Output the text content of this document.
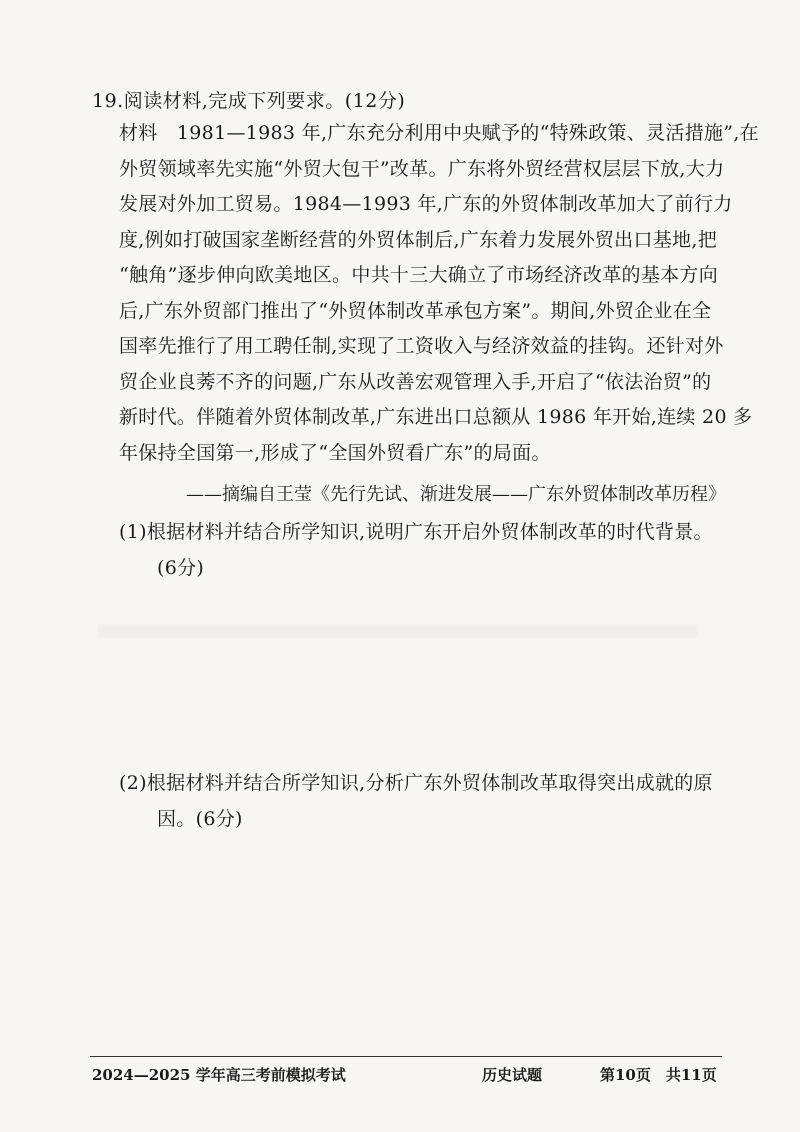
19.阅读材料,完成下列要求。(12分)
材料　1981—1983 年,广东充分利用中央赋予的“特殊政策、灵活措施”,在
外贸领域率先实施“外贸大包干”改革。广东将外贸经营权层层下放,大力
发展对外加工贸易。1984—1993 年,广东的外贸体制改革加大了前行力
度,例如打破国家垄断经营的外贸体制后,广东着力发展外贸出口基地,把
“触角”逐步伸向欧美地区。中共十三大确立了市场经济改革的基本方向
后,广东外贸部门推出了“外贸体制改革承包方案”。期间,外贸企业在全
国率先推行了用工聘任制,实现了工资收入与经济效益的挂钩。还针对外
贸企业良莠不齐的问题,广东从改善宏观管理入手,开启了“依法治贸”的
新时代。伴随着外贸体制改革,广东进出口总额从 1986 年开始,连续 20 多
年保持全国第一,形成了“全国外贸看广东”的局面。
——摘编自王莹《先行先试、渐进发展——广东外贸体制改革历程》
(1)根据材料并结合所学知识,说明广东开启外贸体制改革的时代背景。
(6分)
(2)根据材料并结合所学知识,分析广东外贸体制改革取得突出成就的原
因。(6分)
2024—2025 学年高三考前模拟考试	历史试题	第10页　共11页
